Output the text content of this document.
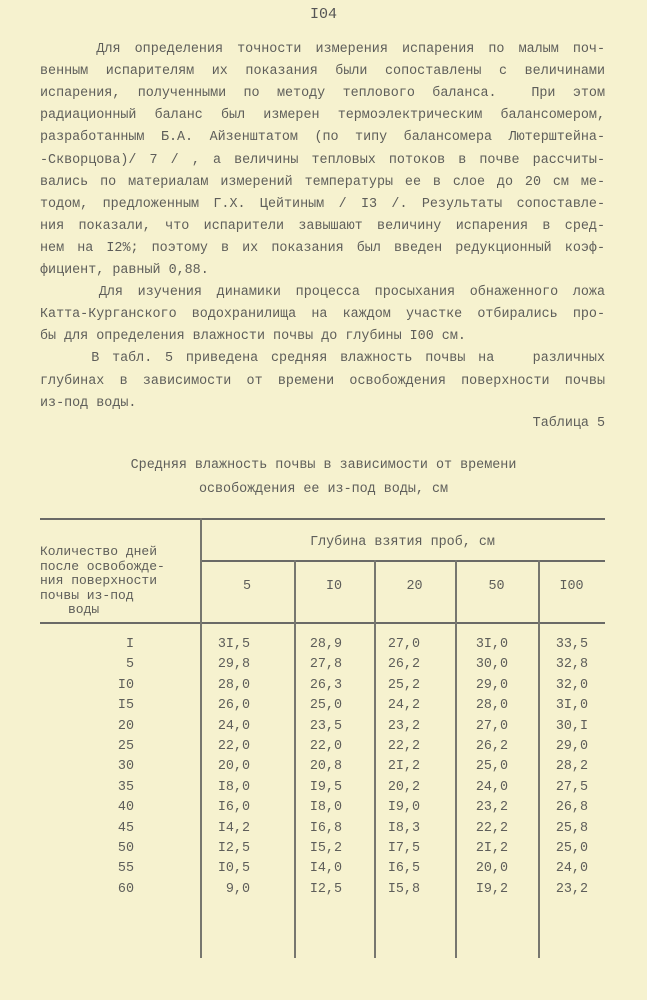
I04
Для определения точности измерения испарения по малым поч-
венным испарителям их показания были сопоставлены с величинами
испарения, полученными по методу теплового баланса.  При этом
радиационный баланс был измерен термоэлектрическим балансомером,
разработанным Б.А. Айзенштатом (по типу балансомера Лютерштейна-
-Скворцова)/ 7 / , а величины тепловых потоков в почве рассчиты-
вались по материалам измерений температуры ее в слое до 20 см ме-
тодом, предложенным Г.Х. Цейтиным / I3 /. Результаты сопоставле-
ния показали, что испарители завышают величину испарения в сред-
нем на I2%; поэтому в их показания был введен редукционный коэф-
фициент, равный 0,88.
Для изучения динамики процесса просыхания обнаженного ложа
Катта-Курганского водохранилища на каждом участке отбирались про-
бы для определения влажности почвы до глубины I00 см.
В табл. 5 приведена средняя влажность почвы на   различных
глубинах в зависимости от времени освобождения поверхности почвы
из-под воды.
Таблица 5
Средняя влажность почвы в зависимости от времени
освобождения ее из-под воды, см
Количество дней
после освобожде-
ния поверхности
почвы из-под
воды
Глубина взятия проб, см
5	I0	20	50	I00
I	3I,5	28,9	27,0	3I,0	33,5
5	29,8	27,8	26,2	30,0	32,8
I0	28,0	26,3	25,2	29,0	32,0
I5	26,0	25,0	24,2	28,0	3I,0
20	24,0	23,5	23,2	27,0	30,I
25	22,0	22,0	22,2	26,2	29,0
30	20,0	20,8	2I,2	25,0	28,2
35	I8,0	I9,5	20,2	24,0	27,5
40	I6,0	I8,0	I9,0	23,2	26,8
45	I4,2	I6,8	I8,3	22,2	25,8
50	I2,5	I5,2	I7,5	2I,2	25,0
55	I0,5	I4,0	I6,5	20,0	24,0
60	9,0	I2,5	I5,8	I9,2	23,2
